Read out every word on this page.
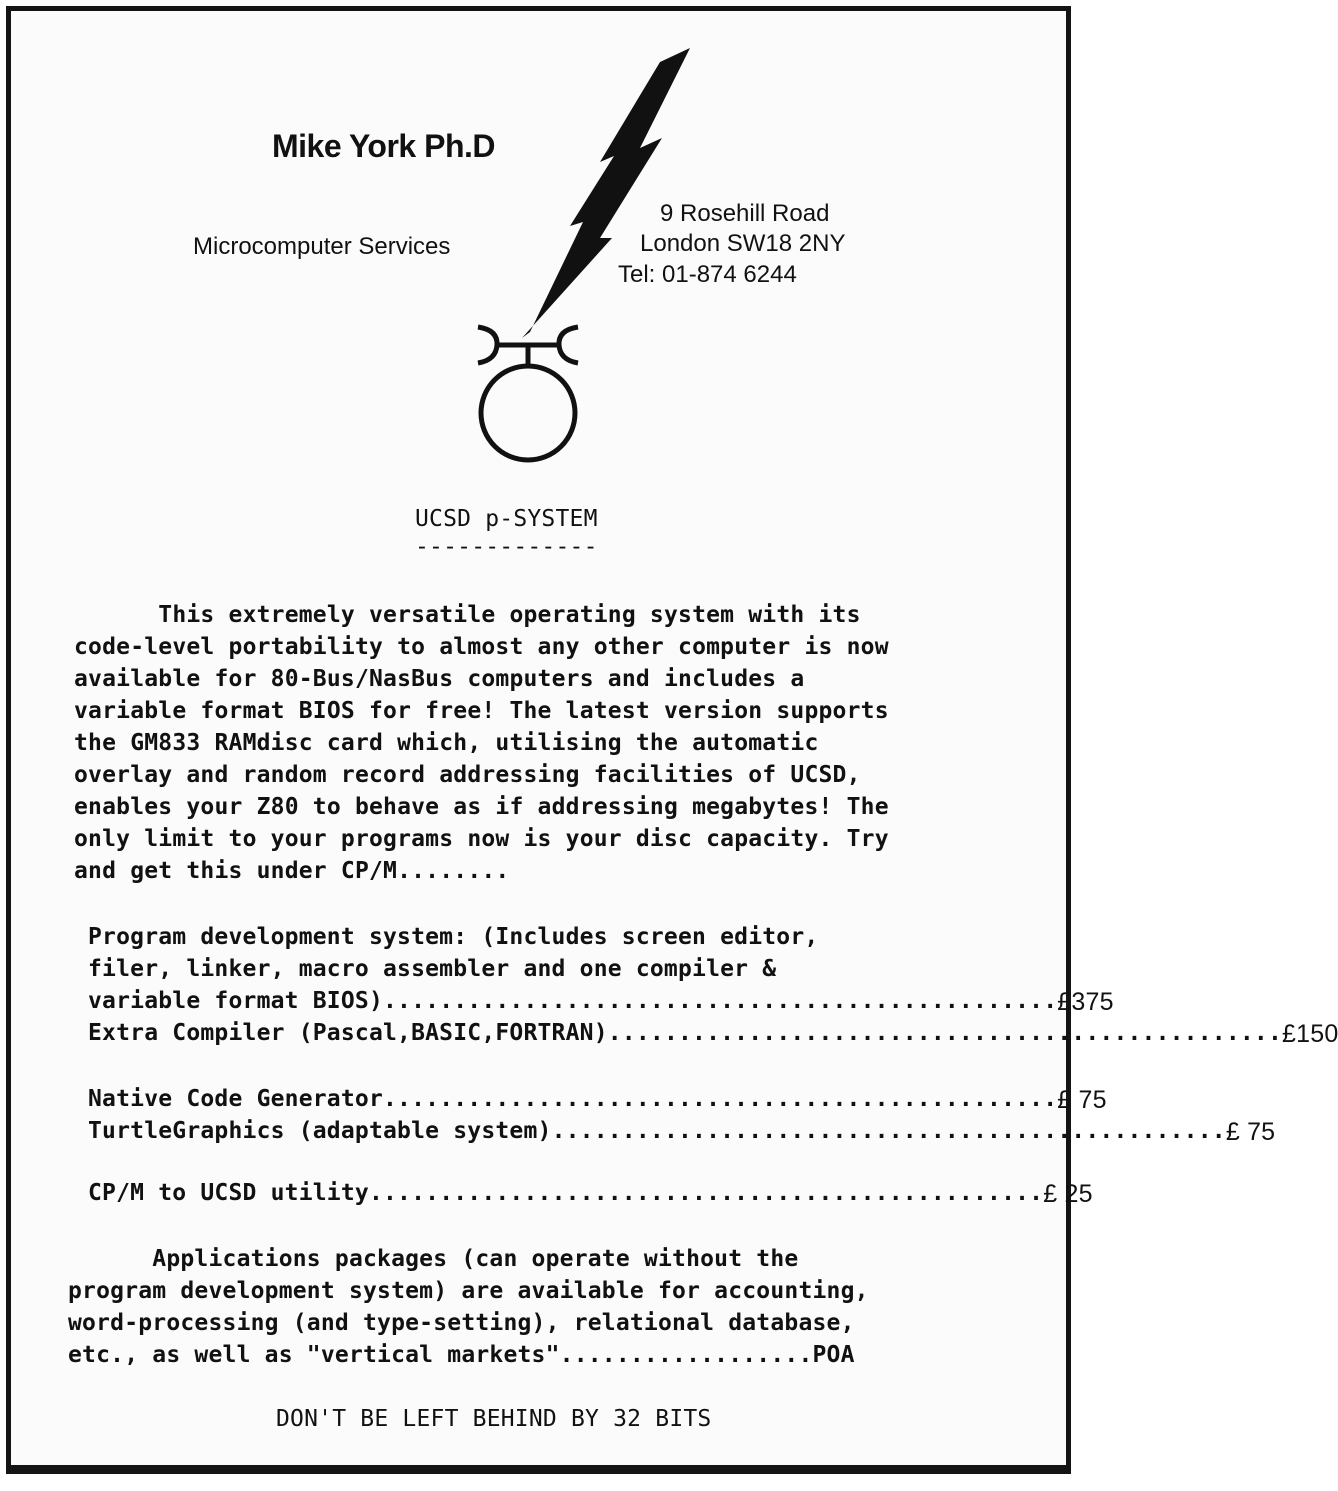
Mike York Ph.D
Microcomputer Services
9 Rosehill Road
London SW18 2NY
Tel: 01-874 6244
UCSD p-SYSTEM
-------------
This extremely versatile operating system with its
code-level portability to almost any other computer is now
available for 80-Bus/NasBus computers and includes a
variable format BIOS for free! The latest version supports
the GM833 RAMdisc card which, utilising the automatic
overlay and random record addressing facilities of UCSD,
enables your Z80 to behave as if addressing megabytes! The
only limit to your programs now is your disc capacity. Try
and get this under CP/M........
Program development system: (Includes screen editor,
filer, linker, macro assembler and one compiler &
variable format BIOS) ................................................ £375
Extra Compiler (Pascal,BASIC,FORTRAN) ................................................ £150
Native Code Generator ................................................ £ 75
TurtleGraphics (adaptable system) ................................................ £ 75
CP/M to UCSD utility ................................................ £ 25
Applications packages (can operate without the
program development system) are available for accounting,
word-processing (and type-setting), relational database,
etc., as well as "vertical markets"..................POA
DON'T BE LEFT BEHIND BY 32 BITS
